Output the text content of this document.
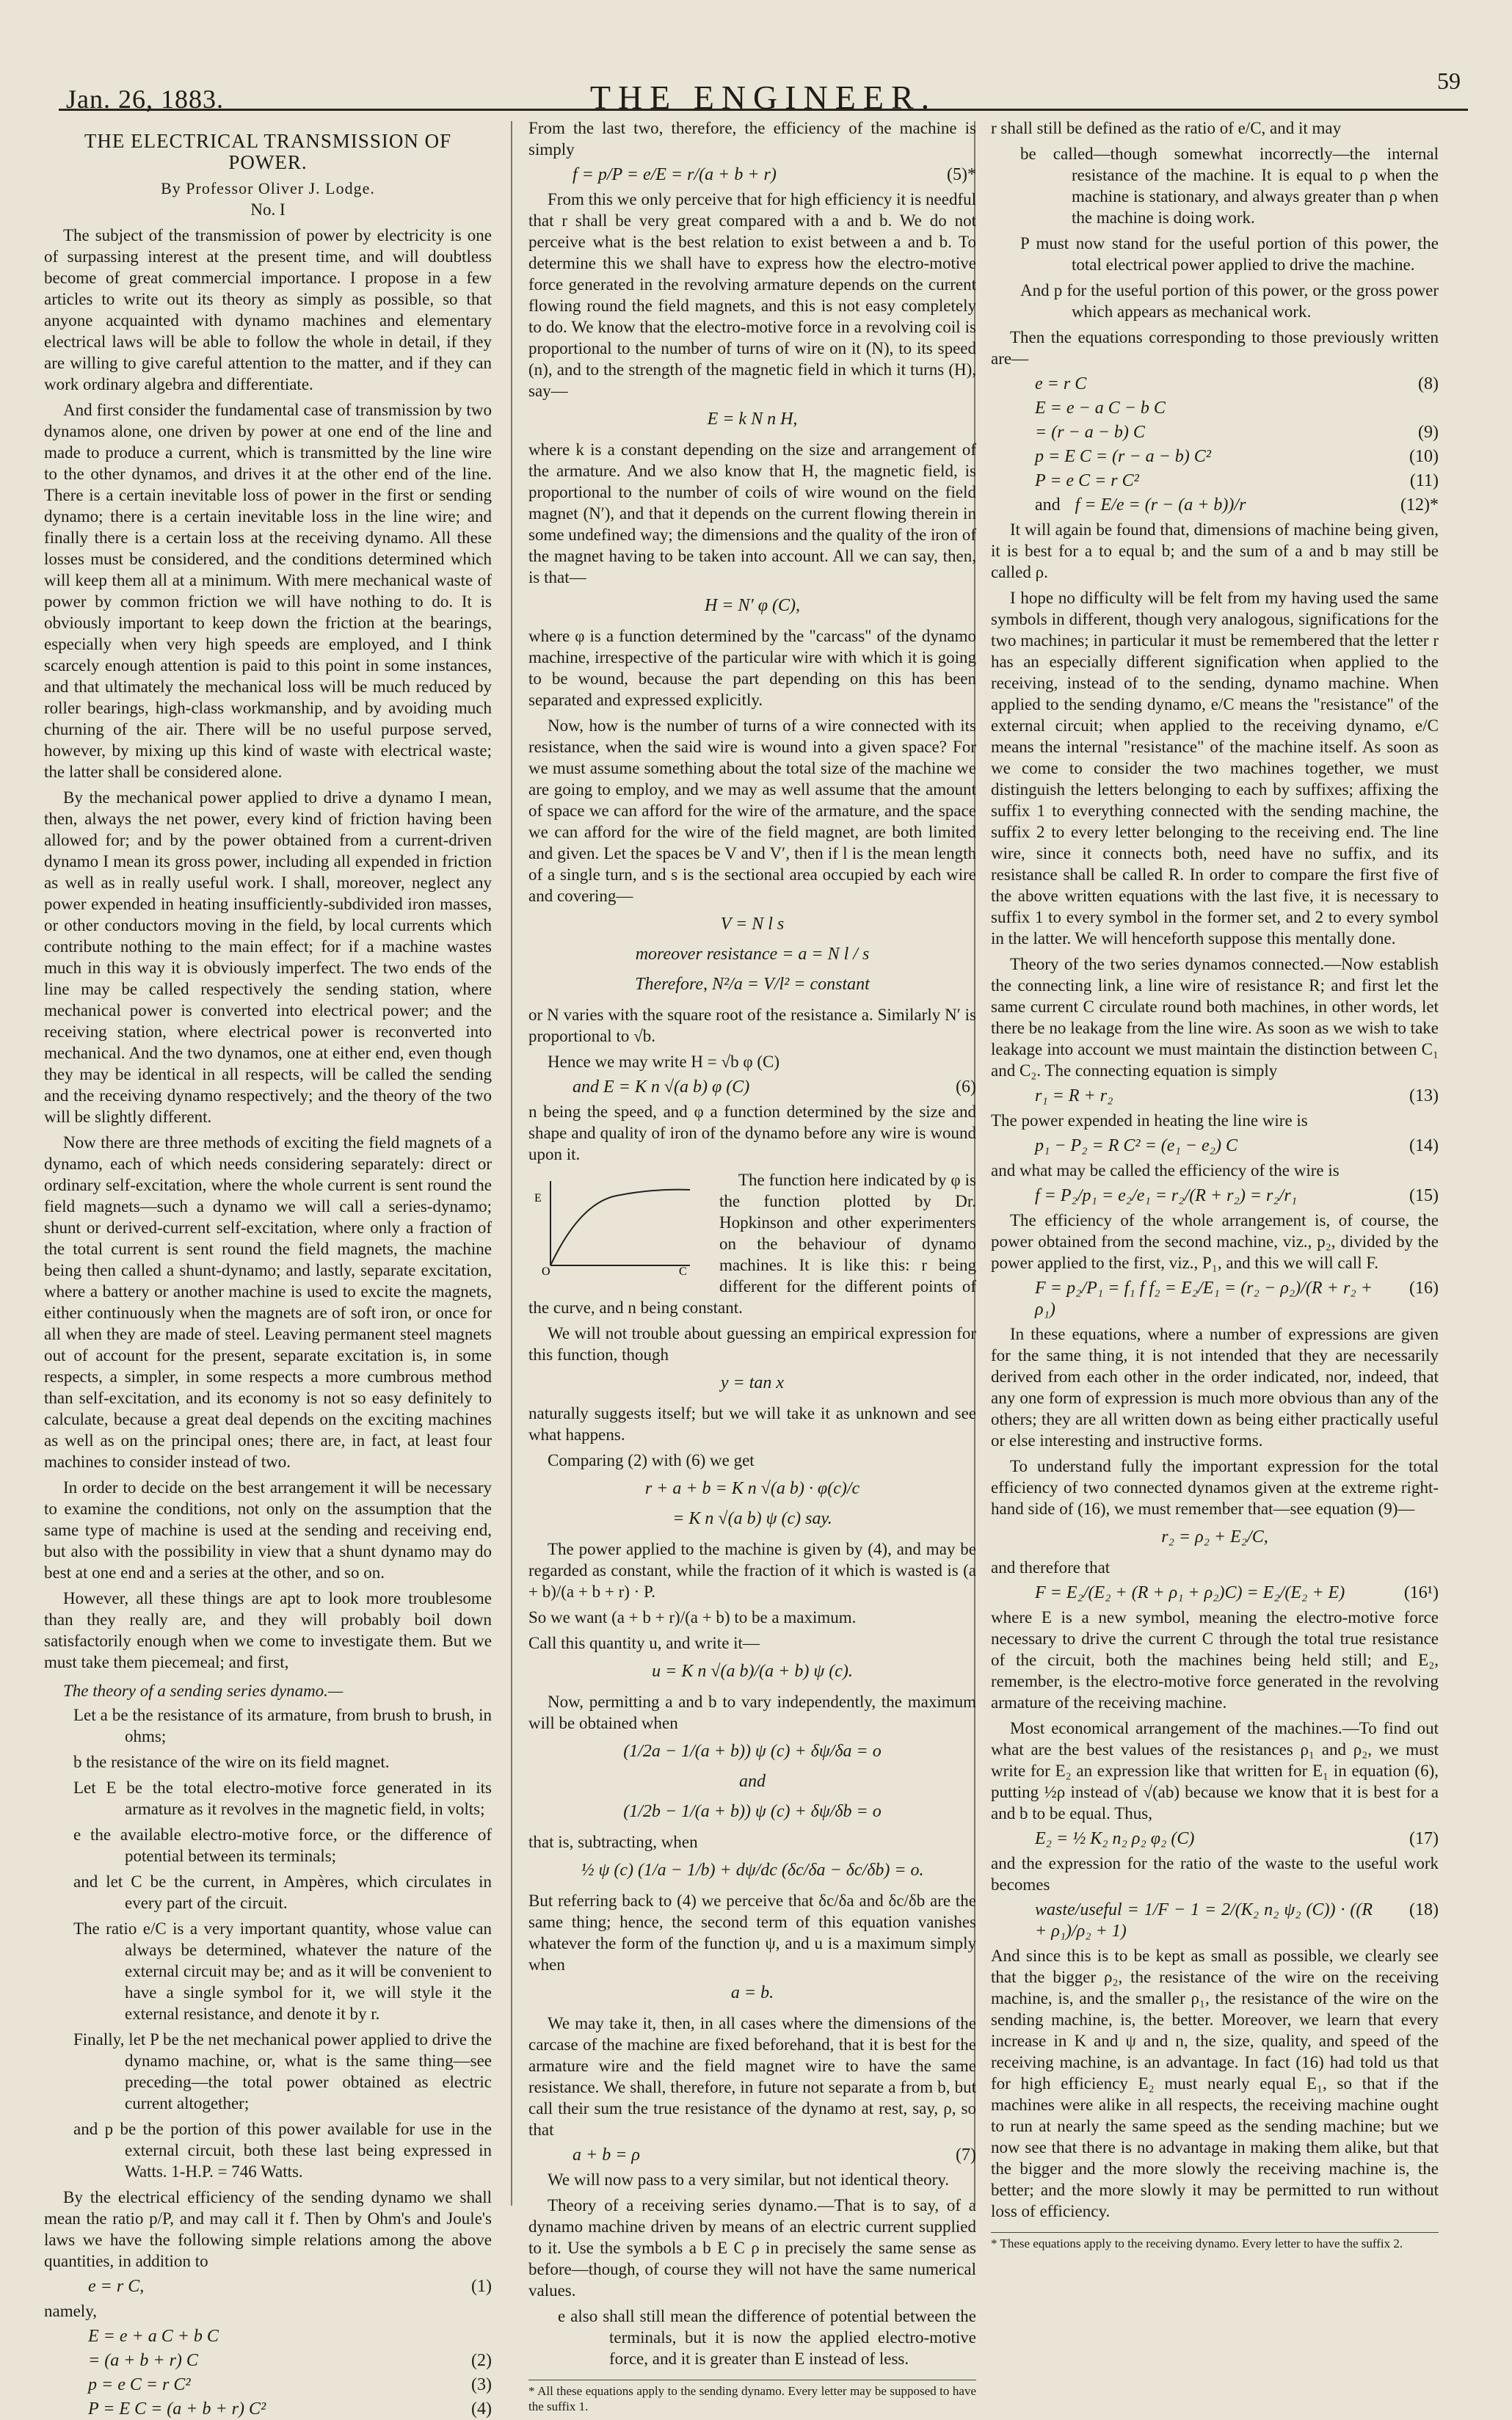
Jan. 26, 1883.	THE ENGINEER.	59
THE ELECTRICAL TRANSMISSION OF POWER.
By Professor Oliver J. Lodge.
No. I

The subject of the transmission of power by electricity is one of surpassing interest at the present time, and will doubtless become of great commercial importance. I propose in a few articles to write out its theory as simply as possible, so that anyone acquainted with dynamo machines and elementary electrical laws will be able to follow the whole in detail, if they are willing to give careful attention to the matter, and if they can work ordinary algebra and differentiate.

And first consider the fundamental case of transmission by two dynamos alone, one driven by power at one end of the line and made to produce a current, which is transmitted by the line wire to the other dynamos, and drives it at the other end of the line. There is a certain inevitable loss of power in the first or sending dynamo; there is a certain inevitable loss in the line wire; and finally there is a certain loss at the receiving dynamo. All these losses must be considered, and the conditions determined which will keep them all at a minimum. With mere mechanical waste of power by common friction we will have nothing to do. It is obviously important to keep down the friction at the bearings, especially when very high speeds are employed, and I think scarcely enough attention is paid to this point in some instances, and that ultimately the mechanical loss will be much reduced by roller bearings, high-class workmanship, and by avoiding much churning of the air. There will be no useful purpose served, however, by mixing up this kind of waste with electrical waste; the latter shall be considered alone.

By the mechanical power applied to drive a dynamo I mean, then, always the net power, every kind of friction having been allowed for; and by the power obtained from a current-driven dynamo I mean its gross power, including all expended in friction as well as in really useful work. I shall, moreover, neglect any power expended in heating insufficiently-subdivided iron masses, or other conductors moving in the field, by local currents which contribute nothing to the main effect; for if a machine wastes much in this way it is obviously imperfect. The two ends of the line may be called respectively the sending station, where mechanical power is converted into electrical power; and the receiving station, where electrical power is reconverted into mechanical. And the two dynamos, one at either end, even though they may be identical in all respects, will be called the sending and the receiving dynamo respectively; and the theory of the two will be slightly different.

Now there are three methods of exciting the field magnets of a dynamo, each of which needs considering separately: direct or ordinary self-excitation, where the whole current is sent round the field magnets—such a dynamo we will call a series-dynamo; shunt or derived-current self-excitation, where only a fraction of the total current is sent round the field magnets, the machine being then called a shunt-dynamo; and lastly, separate excitation, where a battery or another machine is used to excite the magnets, either continuously when the magnets are of soft iron, or once for all when they are made of steel. Leaving permanent steel magnets out of account for the present, separate excitation is, in some respects, a simpler, in some respects a more cumbrous method than self-excitation, and its economy is not so easy definitely to calculate, because a great deal depends on the exciting machines as well as on the principal ones; there are, in fact, at least four machines to consider instead of two.

In order to decide on the best arrangement it will be necessary to examine the conditions, not only on the assumption that the same type of machine is used at the sending and receiving end, but also with the possibility in view that a shunt dynamo may do best at one end and a series at the other, and so on.

However, all these things are apt to look more troublesome than they really are, and they will probably boil down satisfactorily enough when we come to investigate them. But we must take them piecemeal; and first,

The theory of a sending series dynamo.—
Let a be the resistance of its armature, from brush to brush, in ohms;
b the resistance of the wire on its field magnet.
Let E be the total electro-motive force generated in its armature as it revolves in the magnetic field, in volts;
e the available electro-motive force, or the difference of potential between its terminals;
and let C be the current, in Ampères, which circulates in every part of the circuit.
The ratio e/C is a very important quantity, whose value can always be determined, whatever the nature of the external circuit may be; and as it will be convenient to have a single symbol for it, we will style it the external resistance, and denote it by r.
Finally, let P be the net mechanical power applied to drive the dynamo machine, or, what is the same thing—see preceding—the total power obtained as electric current altogether;
and p be the portion of this power available for use in the external circuit, both these last being expressed in Watts. 1-H.P. = 746 Watts.

By the electrical efficiency of the sending dynamo we shall mean the ratio p/P, and may call it f. Then by Ohm's and Joule's laws we have the following simple relations among the above quantities, in addition to

e = r C,	(1)

namely,

E = e + a C + b C
= (a + b + r) C	(2)
p = e C = r C²	(3)
P = E C = (a + b + r) C²	(4)

From the last two, therefore, the efficiency of the machine is simply

f = p/P = e/E = r/(a + b + r)	(5)*

From this we only perceive that for high efficiency it is needful that r shall be very great compared with a and b. We do not perceive what is the best relation to exist between a and b. To determine this we shall have to express how the electro-motive force generated in the revolving armature depends on the current flowing round the field magnets, and this is not easy completely to do. We know that the electro-motive force in a revolving coil is proportional to the number of turns of wire on it (N), to its speed (n), and to the strength of the magnetic field in which it turns (H), say—

E = k N n H,

where k is a constant depending on the size and arrangement of the armature. And we also know that H, the magnetic field, is proportional to the number of coils of wire wound on the field magnet (N′), and that it depends on the current flowing therein in some undefined way; the dimensions and the quality of the iron of the magnet having to be taken into account. All we can say, then, is that—

H = N′ φ (C),

where φ is a function determined by the "carcass" of the dynamo machine, irrespective of the particular wire with which it is going to be wound, because the part depending on this has been separated and expressed explicitly.

Now, how is the number of turns of a wire connected with its resistance, when the said wire is wound into a given space? For we must assume something about the total size of the machine we are going to employ, and we may as well assume that the amount of space we can afford for the wire of the armature, and the space we can afford for the wire of the field magnet, are both limited and given. Let the spaces be V and V′, then if l is the mean length of a single turn, and s is the sectional area occupied by each wire and covering—

V = N l s
moreover resistance = a = N l / s
Therefore, N²/a = V/l² = constant

or N varies with the square root of the resistance a. Similarly N′ is proportional to √b.

Hence we may write H = √b φ (C)

and E = K n √(a b) φ (C)	(6)

n being the speed, and φ a function determined by the size and shape and quality of iron of the dynamo before any wire is wound upon it.

E
O	C

The function here indicated by φ is the function plotted by Dr. Hopkinson and other experimenters on the behaviour of dynamo machines. It is like this: r being different for the different points of the curve, and n being constant.

We will not trouble about guessing an empirical expression for this function, though

y = tan x

naturally suggests itself; but we will take it as unknown and see what happens.

Comparing (2) with (6) we get

r + a + b = K n √(a b) · φ(c)/c
= K n √(a b) ψ (c) say.

The power applied to the machine is given by (4), and may be regarded as constant, while the fraction of it which is wasted is (a + b)/(a + b + r) · P.

So we want (a + b + r)/(a + b) to be a maximum.

Call this quantity u, and write it—

u = K n √(a b)/(a + b) ψ (c).

Now, permitting a and b to vary independently, the maximum will be obtained when

(1/2a − 1/(a + b)) ψ (c) + δψ/δa = o
and
(1/2b − 1/(a + b)) ψ (c) + δψ/δb = o

that is, subtracting, when

½ ψ (c) (1/a − 1/b) + dψ/dc (δc/δa − δc/δb) = o.

But referring back to (4) we perceive that δc/δa and δc/δb are the same thing; hence, the second term of this equation vanishes whatever the form of the function ψ, and u is a maximum simply when

a = b.

We may take it, then, in all cases where the dimensions of the carcase of the machine are fixed beforehand, that it is best for the armature wire and the field magnet wire to have the same resistance. We shall, therefore, in future not separate a from b, but call their sum the true resistance of the dynamo at rest, say, ρ, so that

a + b = ρ	(7)

We will now pass to a very similar, but not identical theory.

Theory of a receiving series dynamo.—That is to say, of a dynamo machine driven by means of an electric current supplied to it. Use the symbols a b E C ρ in precisely the same sense as before—though, of course they will not have the same numerical values.

e also shall still mean the difference of potential between the terminals, but it is now the applied electro-motive force, and it is greater than E instead of less.
* All these equations apply to the sending dynamo. Every letter may be supposed to have the suffix 1.

r shall still be defined as the ratio of e/C, and it may

be called—though somewhat incorrectly—the internal resistance of the machine. It is equal to ρ when the machine is stationary, and always greater than ρ when the machine is doing work.
P must now stand for the useful portion of this power, the total electrical power applied to drive the machine.
And p for the useful portion of this power, or the gross power which appears as mechanical work.

Then the equations corresponding to those previously written are—

e = r C	(8)
E = e − a C − b C
= (r − a − b) C	(9)
p = E C = (r − a − b) C²	(10)
P = e C = r C²	(11)
and f = E/e = (r − (a + b))/r	(12)*

It will again be found that, dimensions of machine being given, it is best for a to equal b; and the sum of a and b may still be called ρ.

I hope no difficulty will be felt from my having used the same symbols in different, though very analogous, significations for the two machines; in particular it must be remembered that the letter r has an especially different signification when applied to the receiving, instead of to the sending, dynamo machine. When applied to the sending dynamo, e/C means the "resistance" of the external circuit; when applied to the receiving dynamo, e/C means the internal "resistance" of the machine itself. As soon as we come to consider the two machines together, we must distinguish the letters belonging to each by suffixes; affixing the suffix 1 to everything connected with the sending machine, the suffix 2 to every letter belonging to the receiving end. The line wire, since it connects both, need have no suffix, and its resistance shall be called R. In order to compare the first five of the above written equations with the last five, it is necessary to suffix 1 to every symbol in the former set, and 2 to every symbol in the latter. We will henceforth suppose this mentally done.

Theory of the two series dynamos connected.—Now establish the connecting link, a line wire of resistance R; and first let the same current C circulate round both machines, in other words, let there be no leakage from the line wire. As soon as we wish to take leakage into account we must maintain the distinction between C₁ and C₂. The connecting equation is simply

r₁ = R + r₂	(13)

The power expended in heating the line wire is

p₁ − P₂ = R C² = (e₁ − e₂) C	(14)

and what may be called the efficiency of the wire is

f = P₂/p₁ = e₂/e₁ = r₂/(R + r₂) = r₂/r₁	(15)

The efficiency of the whole arrangement is, of course, the power obtained from the second machine, viz., p₂, divided by the power applied to the first, viz., P₁, and this we will call F.

F = p₂/P₁ = f₁ f f₂ = E₂/E₁ = (r₂ − ρ₂)/(R + r₂ + ρ₁)
(16)

In these equations, where a number of expressions are given for the same thing, it is not intended that they are necessarily derived from each other in the order indicated, nor, indeed, that any one form of expression is much more obvious than any of the others; they are all written down as being either practically useful or else interesting and instructive forms.

To understand fully the important expression for the total efficiency of two connected dynamos given at the extreme right-hand side of (16), we must remember that—see equation (9)—

r₂ = ρ₂ + E₂/C,

and therefore that

F = E₂/(E₂ + (R + ρ₁ + ρ₂)C) = E₂/(E₂ + E)	(16¹)

where E is a new symbol, meaning the electro-motive force necessary to drive the current C through the total true resistance of the circuit, both the machines being held still; and E₂, remember, is the electro-motive force generated in the revolving armature of the receiving machine.

Most economical arrangement of the machines.—To find out what are the best values of the resistances ρ₁ and ρ₂, we must write for E₂ an expression like that written for E₁ in equation (6), putting ½ρ instead of √(ab) because we know that it is best for a and b to be equal. Thus,

E₂ = ½ K₂ n₂ ρ₂ φ₂ (C)	(17)

and the expression for the ratio of the waste to the useful work becomes

waste/useful = 1/F − 1 = 2/(K₂ n₂ ψ₂ (C)) · ((R + ρ₁)/ρ₂ + 1)
(18)

And since this is to be kept as small as possible, we clearly see that the bigger ρ₂, the resistance of the wire on the receiving machine, is, and the smaller ρ₁, the resistance of the wire on the sending machine, is, the better. Moreover, we learn that every increase in K and ψ and n, the size, quality, and speed of the receiving machine, is an advantage. In fact (16) had told us that for high efficiency E₂ must nearly equal E₁, so that if the machines were alike in all respects, the receiving machine ought to run at nearly the same speed as the sending machine; but we now see that there is no advantage in making them alike, but that the bigger and the more slowly the receiving machine is, the better; and the more slowly it may be permitted to run without loss of efficiency.

* These equations apply to the receiving dynamo. Every letter to have the suffix 2.
